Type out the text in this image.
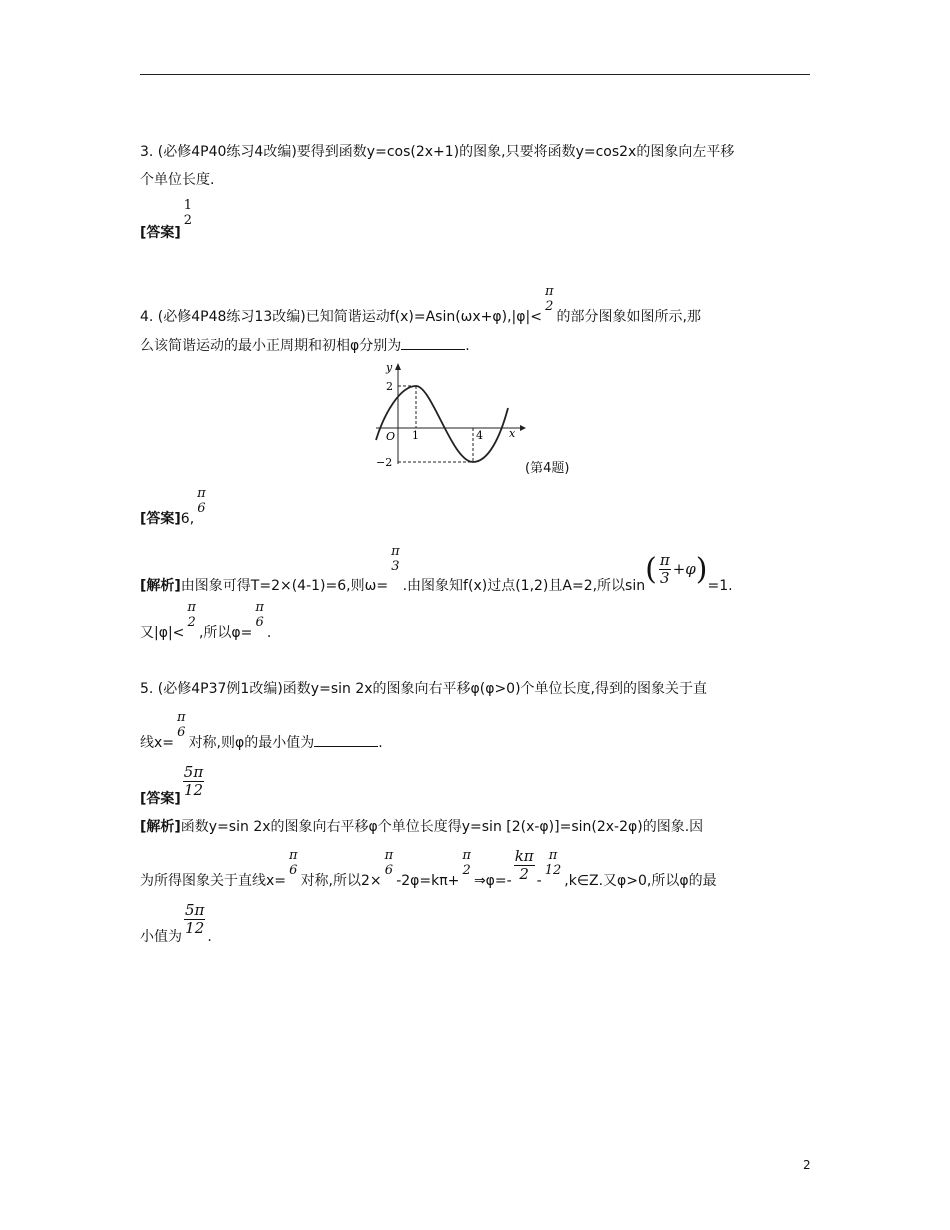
3. (必修4P40练习4改编)要得到函数y=cos(2x+1)的图象,只要将函数y=cos2x的图象向左平移
个单位长度.
[答案]
1
2
4. (必修4P48练习13改编)已知简谐运动f(x)=Asin(ωx+φ),|φ|<
π
2
的部分图象如图所示,那
么该简谐运动的最小正周期和初相φ分别为	.
y
x
O
2
−2
1	4
(第4题)
[答案]6,
π
6
[解析]由图象可得T=2×(4-1)=6,则ω=
π
3
.由图象知f(x)过点(1,2)且A=2,所以$\sin( \frac{\pi}{3} +\varphi)=1$.
又|φ|<
π
2
,所以φ=
π
6
.
5. (必修4P37例1改编)函数y=sin 2x的图象向右平移φ(φ>0)个单位长度,得到的图象关于直
线x=
π
6
对称,则φ的最小值为	.
[答案] $\frac{5\pi}{12}$
[解析]函数y=sin 2x的图象向右平移φ个单位长度得y=sin [2(x-φ)]=sin(2x-2φ)的图象.因
为所得图象关于直线x=
π
6
对称,所以2×
π
6
-2φ=kπ+
π
2
⇒φ=- $\frac{k\pi}{2}$ -
π
12
,k∈Z.又φ>0,所以φ的最
小值为 $\frac{5\pi}{12}$ .
2
